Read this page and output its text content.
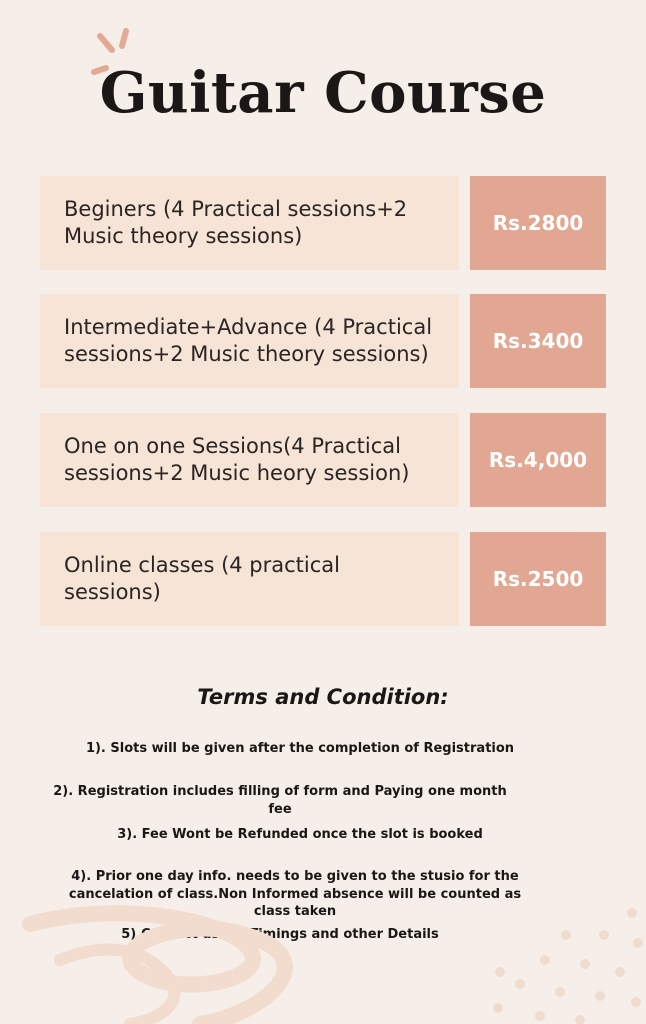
Guitar Course
Beginers (4 Practical sessions+2 Music theory sessions)
Rs.2800
Intermediate+Advance (4 Practical sessions+2 Music theory sessions)
Rs.3400
One on one Sessions(4 Practical sessions+2 Music heory session)
Rs.4,000
Online classes (4 practical sessions)
Rs.2500
Terms and Condition:
1). Slots will be given after the completion of Registration
2). Registration includes filling of form and Paying one month fee
3). Fee Wont be Refunded once the slot is booked
4). Prior one day info. needs to be given to the stusio for the cancelation of class.Non Informed absence will be counted as class taken
5).Contact us for Timings and other Details
